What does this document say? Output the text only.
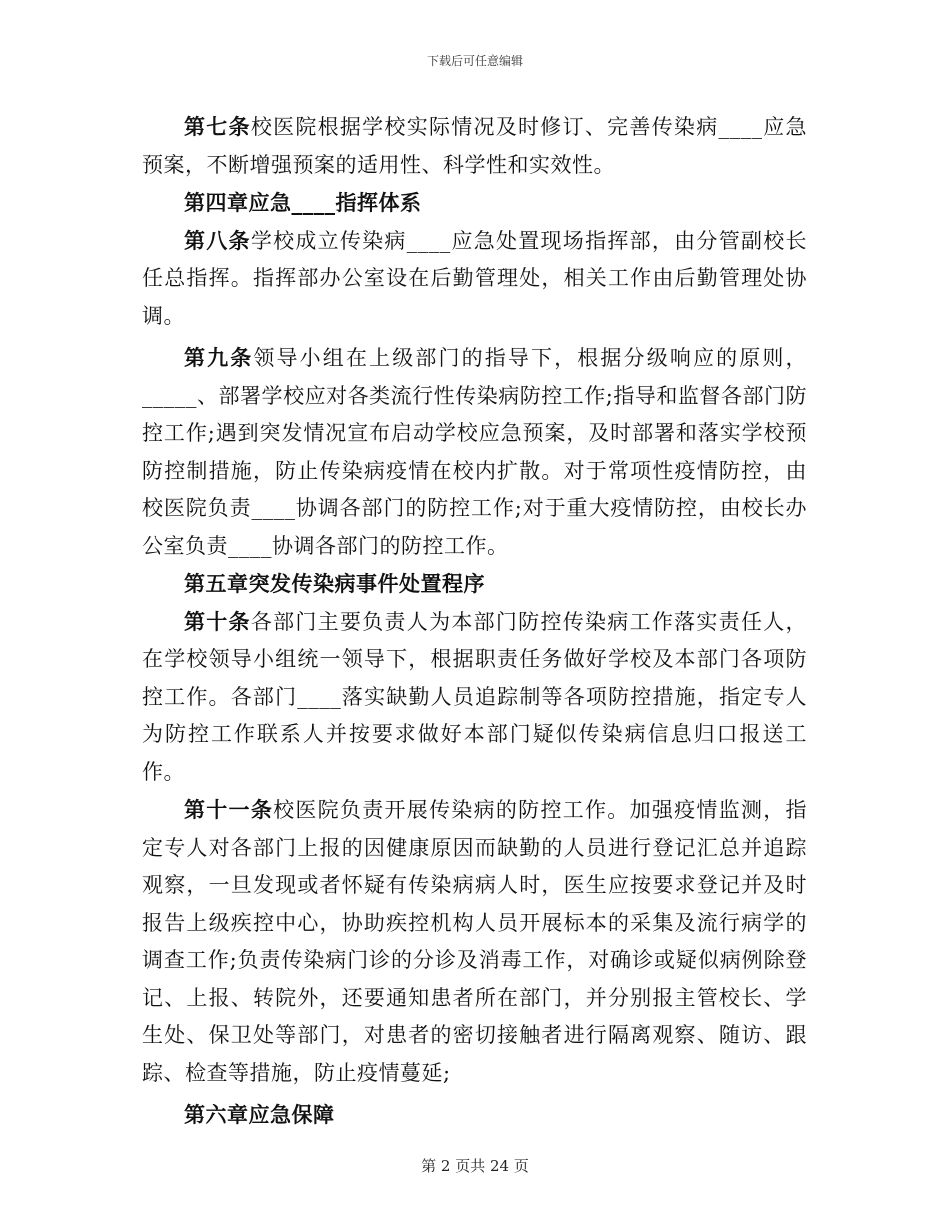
下载后可任意编辑

第七条校医院根据学校实际情况及时修订、完善传染病____应急预案，不断增强预案的适用性、科学性和实效性。

第四章应急____指挥体系

第八条学校成立传染病____应急处置现场指挥部，由分管副校长任总指挥。指挥部办公室设在后勤管理处，相关工作由后勤管理处协调。

第九条领导小组在上级部门的指导下，根据分级响应的原则，_____、部署学校应对各类流行性传染病防控工作;指导和监督各部门防控工作;遇到突发情况宣布启动学校应急预案，及时部署和落实学校预防控制措施，防止传染病疫情在校内扩散。对于常项性疫情防控，由校医院负责____协调各部门的防控工作;对于重大疫情防控，由校长办公室负责____协调各部门的防控工作。

第五章突发传染病事件处置程序

第十条各部门主要负责人为本部门防控传染病工作落实责任人，在学校领导小组统一领导下，根据职责任务做好学校及本部门各项防控工作。各部门____落实缺勤人员追踪制等各项防控措施，指定专人为防控工作联系人并按要求做好本部门疑似传染病信息归口报送工作。

第十一条校医院负责开展传染病的防控工作。加强疫情监测，指定专人对各部门上报的因健康原因而缺勤的人员进行登记汇总并追踪观察，一旦发现或者怀疑有传染病病人时，医生应按要求登记并及时报告上级疾控中心，协助疾控机构人员开展标本的采集及流行病学的调查工作;负责传染病门诊的分诊及消毒工作，对确诊或疑似病例除登记、上报、转院外，还要通知患者所在部门，并分别报主管校长、学生处、保卫处等部门，对患者的密切接触者进行隔离观察、随访、跟踪、检查等措施，防止疫情蔓延;

第六章应急保障

第 2 页共 24 页
